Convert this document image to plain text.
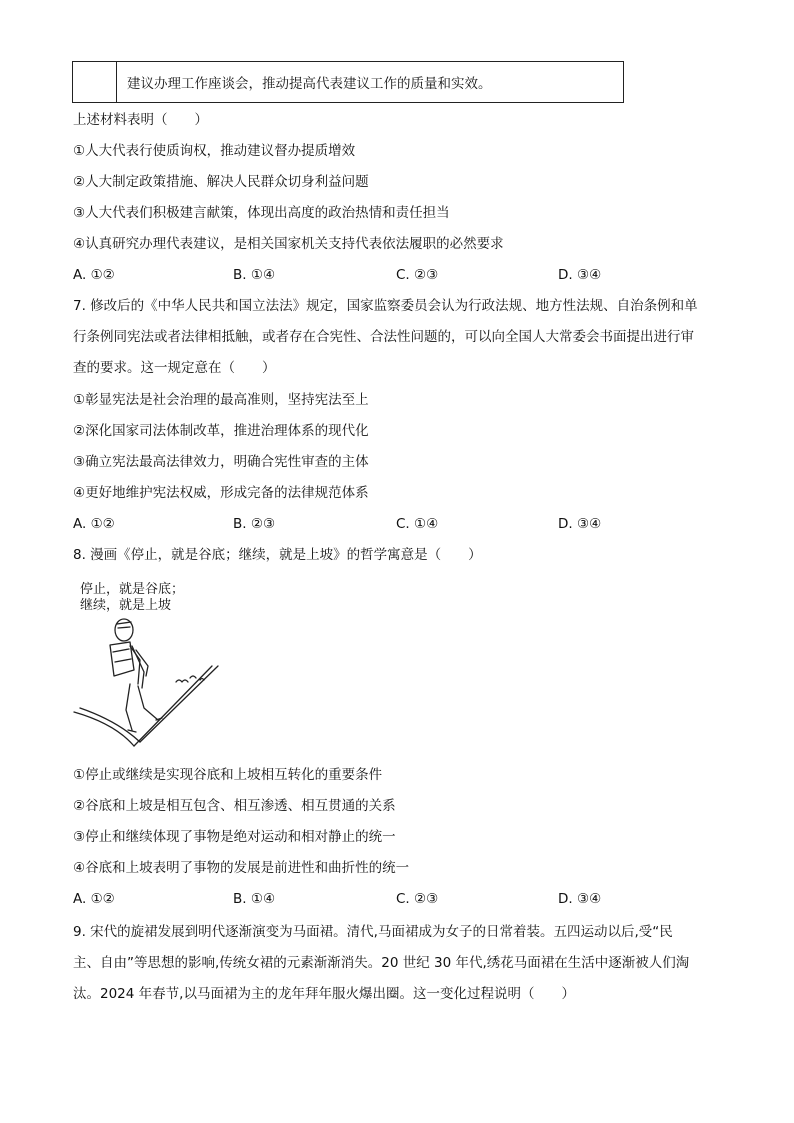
	建议办理工作座谈会，推动提高代表建议工作的质量和实效。
上述材料表明（　　）
①人大代表行使质询权，推动建议督办提质增效
②人大制定政策措施、解决人民群众切身利益问题
③人大代表们积极建言献策，体现出高度的政治热情和责任担当
④认真研究办理代表建议，是相关国家机关支持代表依法履职的必然要求
A. ①②	B. ①④	C. ②③	D. ③④
7. 修改后的《中华人民共和国立法法》规定，国家监察委员会认为行政法规、地方性法规、自治条例和单
行条例同宪法或者法律相抵触，或者存在合宪性、合法性问题的，可以向全国人大常委会书面提出进行审
查的要求。这一规定意在（　　）
①彰显宪法是社会治理的最高准则，坚持宪法至上
②深化国家司法体制改革，推进治理体系的现代化
③确立宪法最高法律效力，明确合宪性审查的主体
④更好地维护宪法权威，形成完备的法律规范体系
A. ①②	B. ②③	C. ①④	D. ③④
8. 漫画《停止，就是谷底；继续，就是上坡》的哲学寓意是（　　）
停止，就是谷底；
继续，就是上坡
①停止或继续是实现谷底和上坡相互转化的重要条件
②谷底和上坡是相互包含、相互渗透、相互贯通的关系
③停止和继续体现了事物是绝对运动和相对静止的统一
④谷底和上坡表明了事物的发展是前进性和曲折性的统一
A. ①②	B. ①④	C. ②③	D. ③④
9. 宋代的旋裙发展到明代逐渐演变为马面裙。清代,马面裙成为女子的日常着装。五四运动以后,受“民
主、自由”等思想的影响,传统女裙的元素渐渐消失。20 世纪 30 年代,绣花马面裙在生活中逐渐被人们淘
汰。2024 年春节,以马面裙为主的龙年拜年服火爆出圈。这一变化过程说明（　　）
